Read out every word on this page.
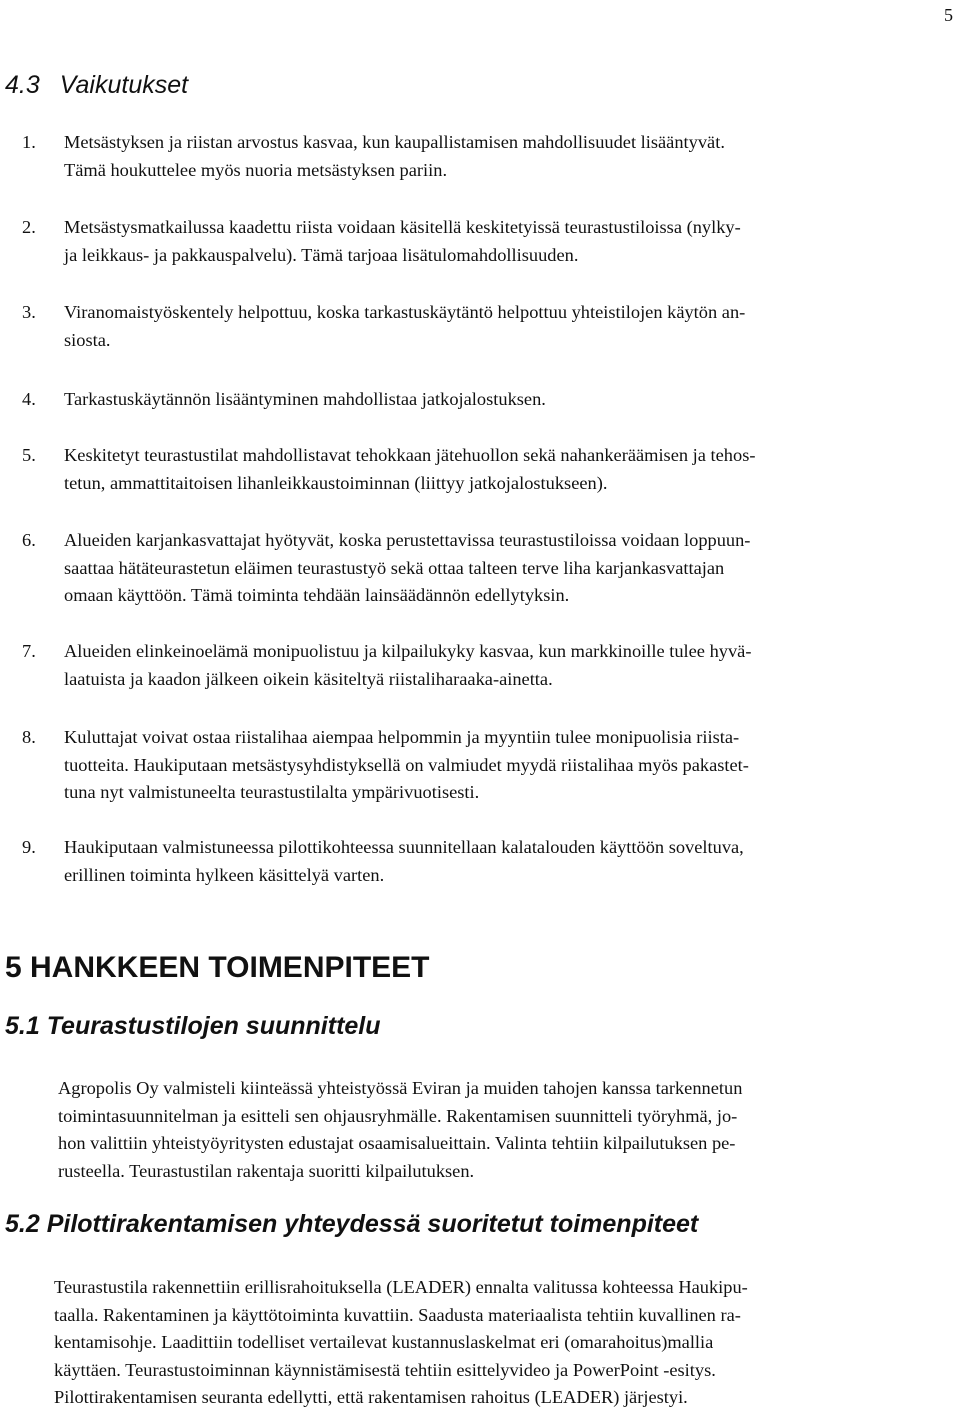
5
4.3 Vaikutukset
1.	Metsästyksen ja riistan arvostus kasvaa, kun kaupallistamisen mahdollisuudet lisääntyvät.
Tämä houkuttelee myös nuoria metsästyksen pariin.
2.	Metsästysmatkailussa kaadettu riista voidaan käsitellä keskitetyissä teurastustiloissa (nylky-
ja leikkaus- ja pakkauspalvelu). Tämä tarjoaa lisätulomahdollisuuden.
3.	Viranomaistyöskentely helpottuu, koska tarkastuskäytäntö helpottuu yhteistilojen käytön an-
siosta.
4.	Tarkastuskäytännön lisääntyminen mahdollistaa jatkojalostuksen.
5.	Keskitetyt teurastustilat mahdollistavat tehokkaan jätehuollon sekä nahankeräämisen ja tehos-
tetun, ammattitaitoisen lihanleikkaustoiminnan (liittyy jatkojalostukseen).
6.	Alueiden karjankasvattajat hyötyvät, koska perustettavissa teurastustiloissa voidaan loppuun-
saattaa hätäteurastetun eläimen teurastustyö sekä ottaa talteen terve liha karjankasvattajan
omaan käyttöön. Tämä toiminta tehdään lainsäädännön edellytyksin.
7.	Alueiden elinkeinoelämä monipuolistuu ja kilpailukyky kasvaa, kun markkinoille tulee hyvä-
laatuista ja kaadon jälkeen oikein käsiteltyä riistaliharaaka-ainetta.
8.	Kuluttajat voivat ostaa riistalihaa aiempaa helpommin ja myyntiin tulee monipuolisia riista-
tuotteita. Haukiputaan metsästysyhdistyksellä on valmiudet myydä riistalihaa myös pakastet-
tuna nyt valmistuneelta teurastustilalta ympärivuotisesti.
9.	Haukiputaan valmistuneessa pilottikohteessa suunnitellaan kalatalouden käyttöön soveltuva,
erillinen toiminta hylkeen käsittelyä varten.
5 HANKKEEN TOIMENPITEET
5.1 Teurastustilojen suunnittelu

Agropolis Oy valmisteli kiinteässä yhteistyössä Eviran ja muiden tahojen kanssa tarkennetun
toimintasuunnitelman ja esitteli sen ohjausryhmälle. Rakentamisen suunnitteli työryhmä, jo-
hon valittiin yhteistyöyritysten edustajat osaamisalueittain. Valinta tehtiin kilpailutuksen pe-
rusteella. Teurastustilan rakentaja suoritti kilpailutuksen.

5.2 Pilottirakentamisen yhteydessä suoritetut toimenpiteet

Teurastustila rakennettiin erillisrahoituksella (LEADER) ennalta valitussa kohteessa Haukipu-
taalla. Rakentaminen ja käyttötoiminta kuvattiin. Saadusta materiaalista tehtiin kuvallinen ra-
kentamisohje. Laadittiin todelliset vertailevat kustannuslaskelmat eri (omarahoitus)mallia
käyttäen. Teurastustoiminnan käynnistämisestä tehtiin esittelyvideo ja PowerPoint -esitys.
Pilottirakentamisen seuranta edellytti, että rakentamisen rahoitus (LEADER) järjestyi.
